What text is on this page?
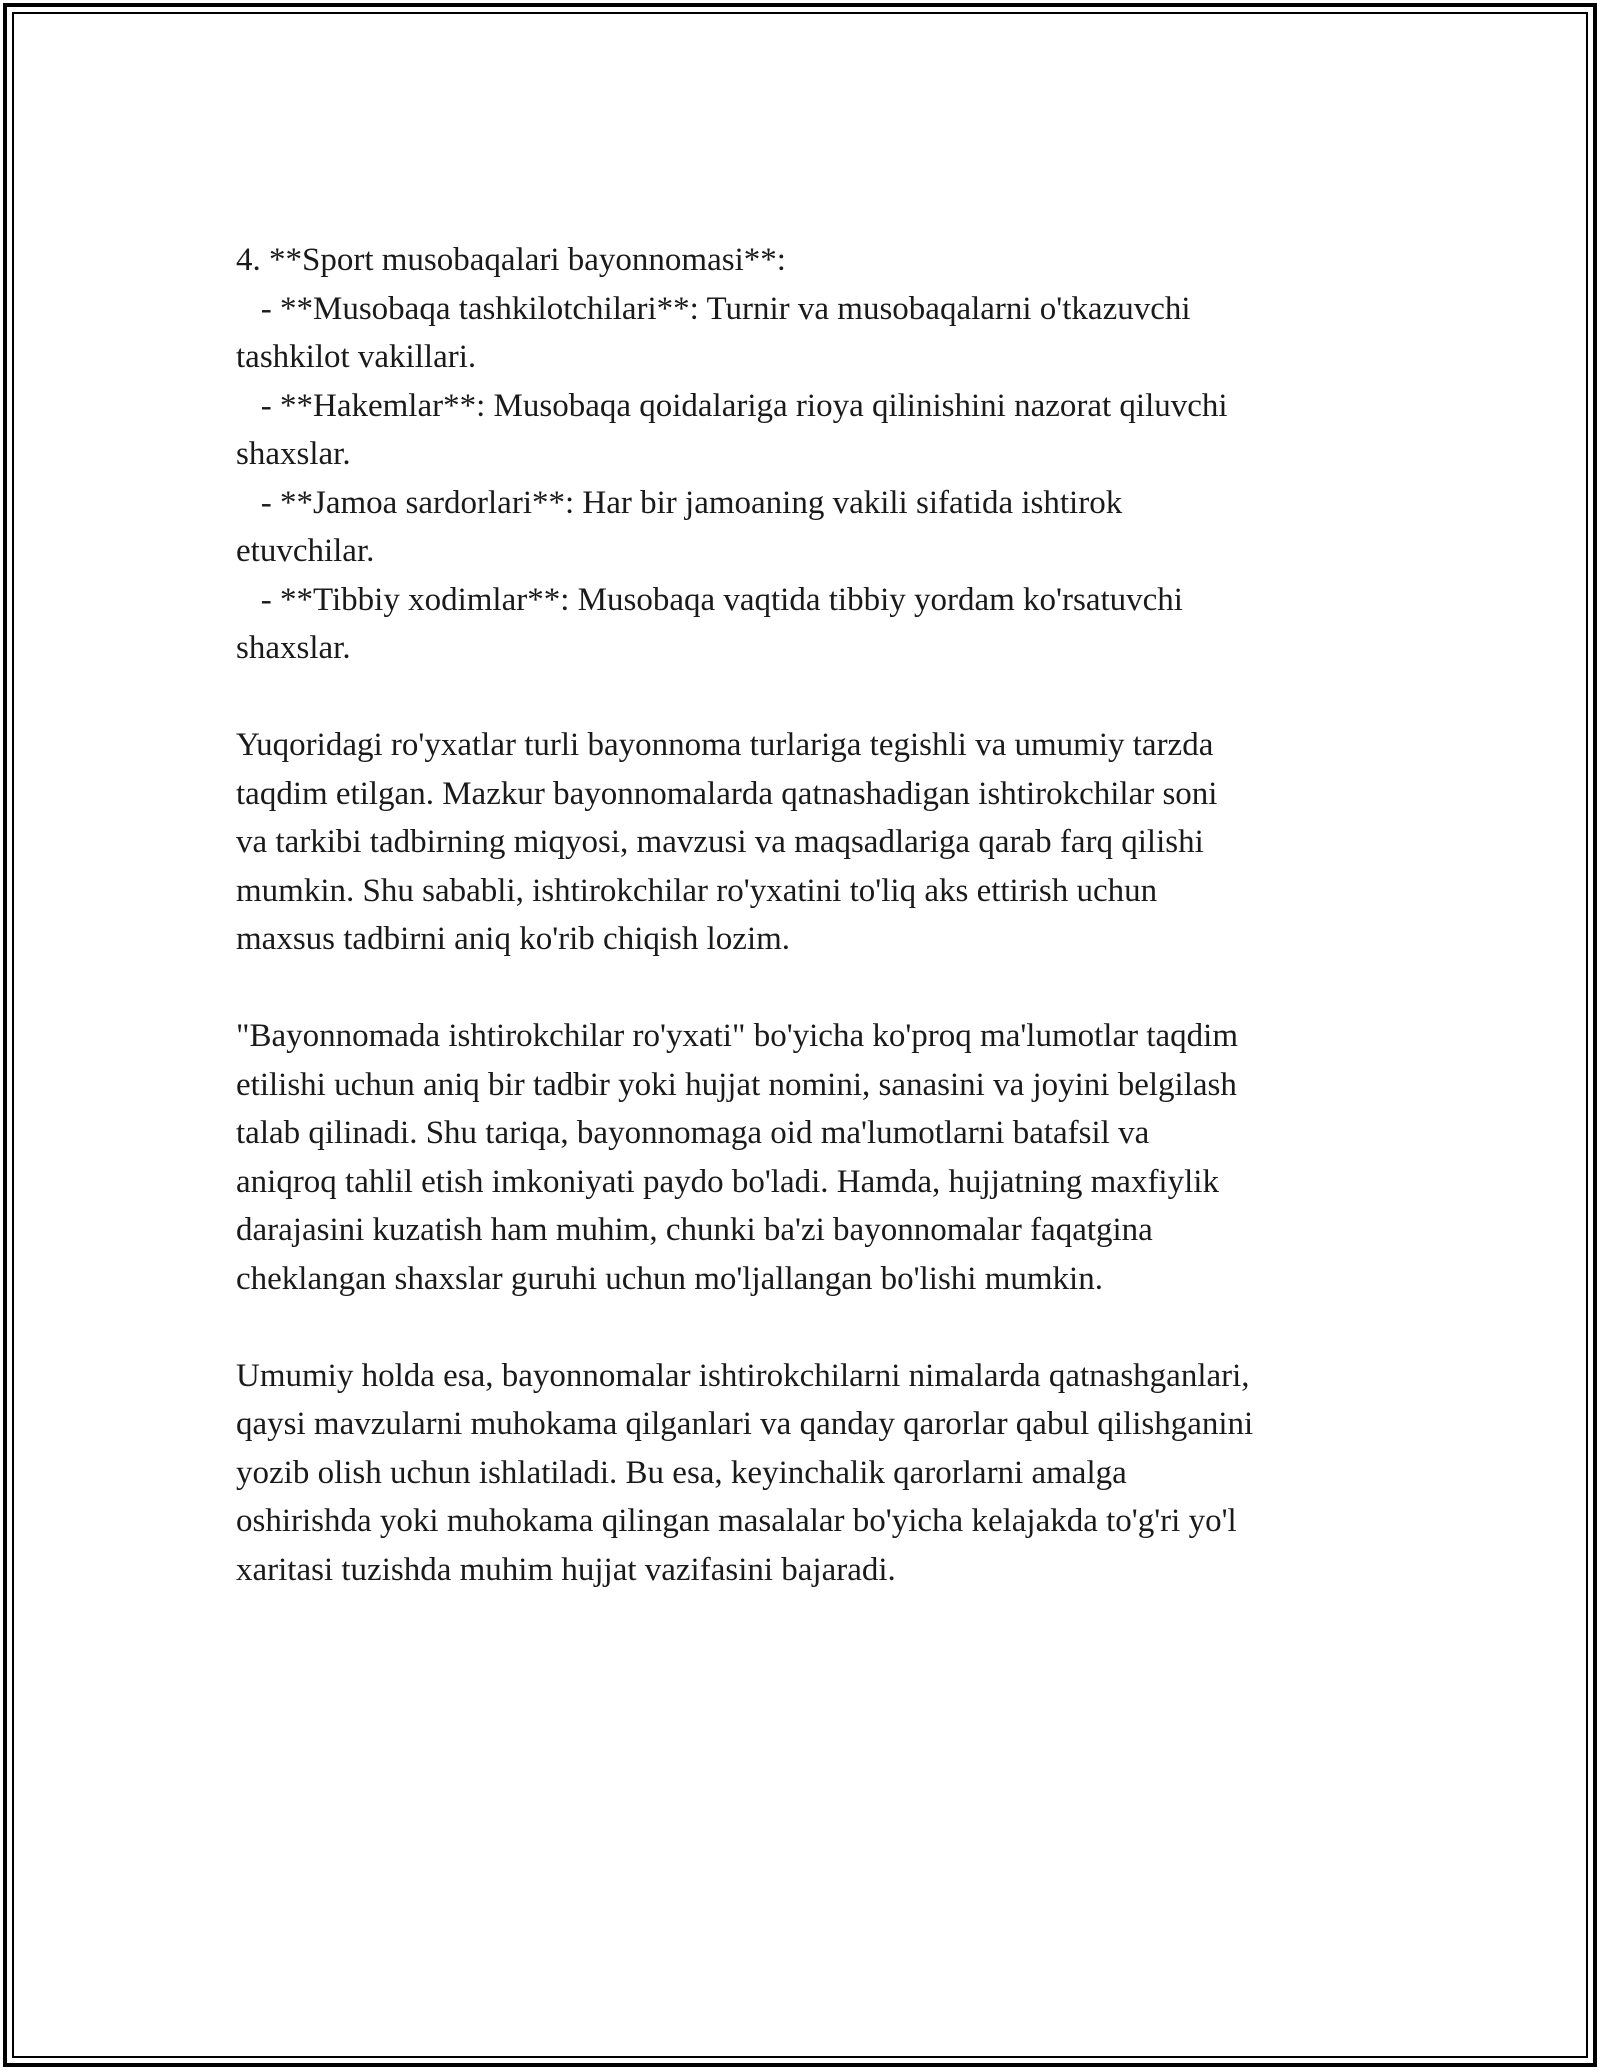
4. **Sport musobaqalari bayonnomasi**:
- **Musobaqa tashkilotchilari**: Turnir va musobaqalarni o'tkazuvchi
tashkilot vakillari.
- **Hakemlar**: Musobaqa qoidalariga rioya qilinishini nazorat qiluvchi
shaxslar.
- **Jamoa sardorlari**: Har bir jamoaning vakili sifatida ishtirok
etuvchilar.
- **Tibbiy xodimlar**: Musobaqa vaqtida tibbiy yordam ko'rsatuvchi
shaxslar.
Yuqoridagi ro'yxatlar turli bayonnoma turlariga tegishli va umumiy tarzda
taqdim etilgan. Mazkur bayonnomalarda qatnashadigan ishtirokchilar soni
va tarkibi tadbirning miqyosi, mavzusi va maqsadlariga qarab farq qilishi
mumkin. Shu sababli, ishtirokchilar ro'yxatini to'liq aks ettirish uchun
maxsus tadbirni aniq ko'rib chiqish lozim.
"Bayonnomada ishtirokchilar ro'yxati" bo'yicha ko'proq ma'lumotlar taqdim
etilishi uchun aniq bir tadbir yoki hujjat nomini, sanasini va joyini belgilash
talab qilinadi. Shu tariqa, bayonnomaga oid ma'lumotlarni batafsil va
aniqroq tahlil etish imkoniyati paydo bo'ladi. Hamda, hujjatning maxfiylik
darajasini kuzatish ham muhim, chunki ba'zi bayonnomalar faqatgina
cheklangan shaxslar guruhi uchun mo'ljallangan bo'lishi mumkin.
Umumiy holda esa, bayonnomalar ishtirokchilarni nimalarda qatnashganlari,
qaysi mavzularni muhokama qilganlari va qanday qarorlar qabul qilishganini
yozib olish uchun ishlatiladi. Bu esa, keyinchalik qarorlarni amalga
oshirishda yoki muhokama qilingan masalalar bo'yicha kelajakda to'g'ri yo'l
xaritasi tuzishda muhim hujjat vazifasini bajaradi.
